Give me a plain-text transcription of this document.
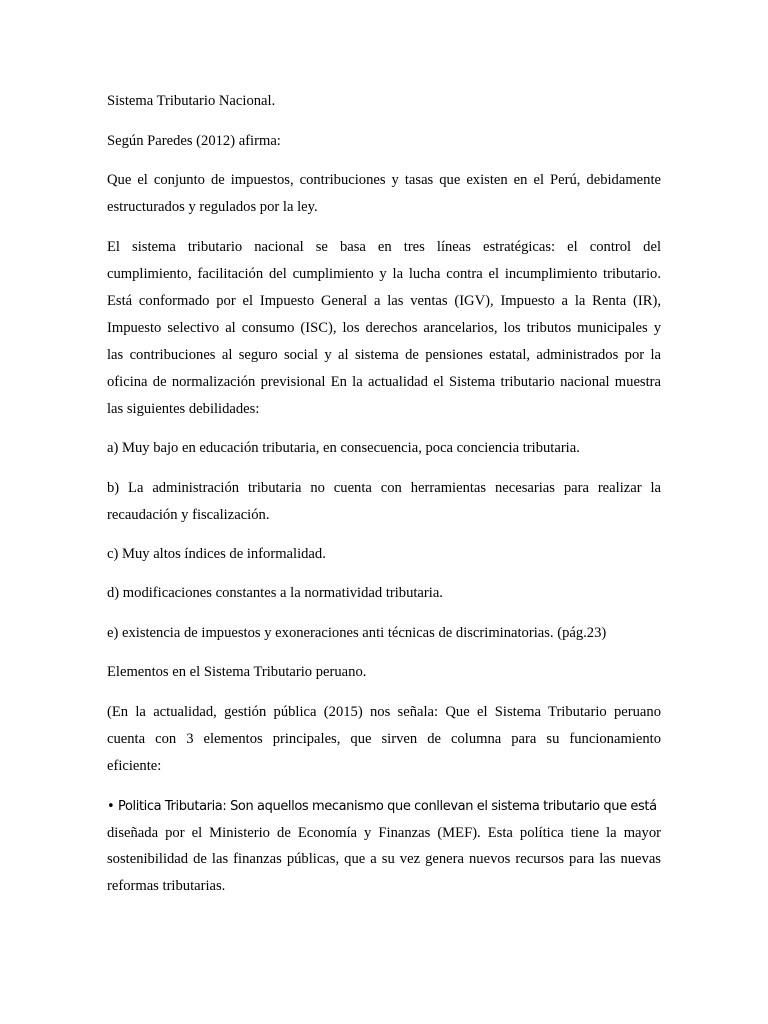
Sistema Tributario Nacional.
Según Paredes (2012) afirma:
Que el conjunto de impuestos, contribuciones y tasas que existen en el Perú, debidamente
estructurados y regulados por la ley.
El sistema tributario nacional se basa en tres líneas estratégicas: el control del
cumplimiento, facilitación del cumplimiento y la lucha contra el incumplimiento tributario.
Está conformado por el Impuesto General a las ventas (IGV), Impuesto a la Renta (IR),
Impuesto selectivo al consumo (ISC), los derechos arancelarios, los tributos municipales y
las contribuciones al seguro social y al sistema de pensiones estatal, administrados por la
oficina de normalización previsional En la actualidad el Sistema tributario nacional muestra
las siguientes debilidades:
a) Muy bajo en educación tributaria, en consecuencia, poca conciencia tributaria.
b) La administración tributaria no cuenta con herramientas necesarias para realizar la
recaudación y fiscalización.
c) Muy altos índices de informalidad.
d) modificaciones constantes a la normatividad tributaria.
e) existencia de impuestos y exoneraciones anti técnicas de discriminatorias. (pág.23)
Elementos en el Sistema Tributario peruano.
(En la actualidad, gestión pública (2015) nos señala: Que el Sistema Tributario peruano
cuenta con 3 elementos principales, que sirven de columna para su funcionamiento
eficiente:
• Politica Tributaria: Son aquellos mecanismo que conllevan el sistema tributario que está
diseñada por el Ministerio de Economía y Finanzas (MEF). Esta política tiene la mayor
sostenibilidad de las finanzas públicas, que a su vez genera nuevos recursos para las nuevas
reformas tributarias.
